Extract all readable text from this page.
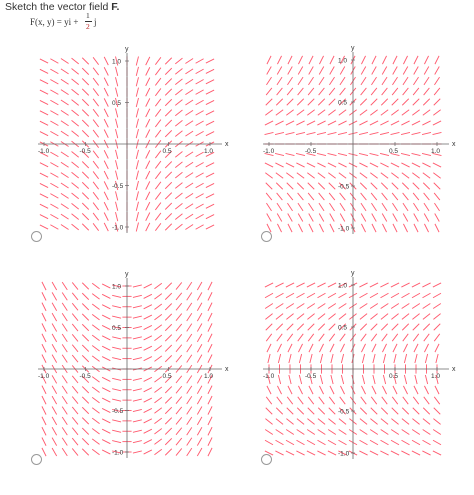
Sketch the vector field F.
F(x, y) = yi +
1
2 j
x
y
-1.0	-0.5	0.5	1.0
1.0
0.5
-0.5
-1.0
x
y
-1.0	-0.5	0.5	1.0
1.0
0.5
-0.5
-1.0
x
y
-1.0	-0.5	0.5	1.0
1.0
0.5
-0.5
-1.0
x
y
-1.0	-0.5	0.5	1.0
1.0
0.5
-0.5
-1.0
